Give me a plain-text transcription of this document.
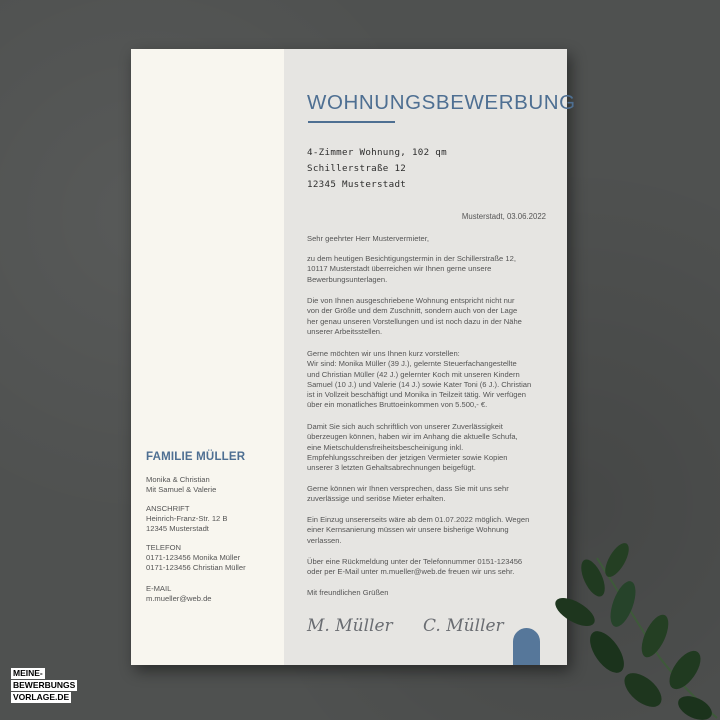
FAMILIE MÜLLER
Monika & Christian
Mit Samuel & Valerie
ANSCHRIFT
Heinrich-Franz-Str. 12 B
12345 Musterstadt
TELEFON
0171-123456 Monika Müller
0171-123456 Christian Müller
E-MAIL
m.mueller@web.de
WOHNUNGSBEWERBUNG
4-Zimmer Wohnung, 102 qm
Schillerstraße 12
12345 Musterstadt
Musterstadt, 03.06.2022
Sehr geehrter Herr Mustervermieter,
zu dem heutigen Besichtigungstermin in der Schillerstraße 12,
10117 Musterstadt überreichen wir Ihnen gerne unsere
Bewerbungsunterlagen.
Die von Ihnen ausgeschriebene Wohnung entspricht nicht nur
von der Größe und dem Zuschnitt, sondern auch von der Lage
her genau unseren Vorstellungen und ist noch dazu in der Nähe
unserer Arbeitsstellen.
Gerne möchten wir uns Ihnen kurz vorstellen:
Wir sind: Monika Müller (39 J.), gelernte Steuerfachangestellte
und Christian Müller (42 J.) gelernter Koch mit unseren Kindern
Samuel (10 J.) und Valerie (14 J.) sowie Kater Toni (6 J.). Christian
ist in Vollzeit beschäftigt und Monika in Teilzeit tätig. Wir verfügen
über ein monatliches Bruttoeinkommen von 5.500,- €.
Damit Sie sich auch schriftlich von unserer Zuverlässigkeit
überzeugen können, haben wir im Anhang die aktuelle Schufa,
eine Mietschuldensfreiheitsbescheinigung inkl.
Empfehlungsschreiben der jetzigen Vermieter sowie Kopien
unserer 3 letzten Gehaltsabrechnungen beigefügt.
Gerne können wir Ihnen versprechen, dass Sie mit uns sehr
zuverlässige und seriöse Mieter erhalten.
Ein Einzug unsererseits wäre ab dem 01.07.2022 möglich. Wegen
einer Kernsanierung müssen wir unsere bisherige Wohnung
verlassen.
Über eine Rückmeldung unter der Telefonnummer 0151-123456
oder per E-Mail unter m.mueller@web.de freuen wir uns sehr.
Mit freundlichen Grüßen
M. Müller C. Müller
MEINE-
BEWERBUNGS
VORLAGE.DE
